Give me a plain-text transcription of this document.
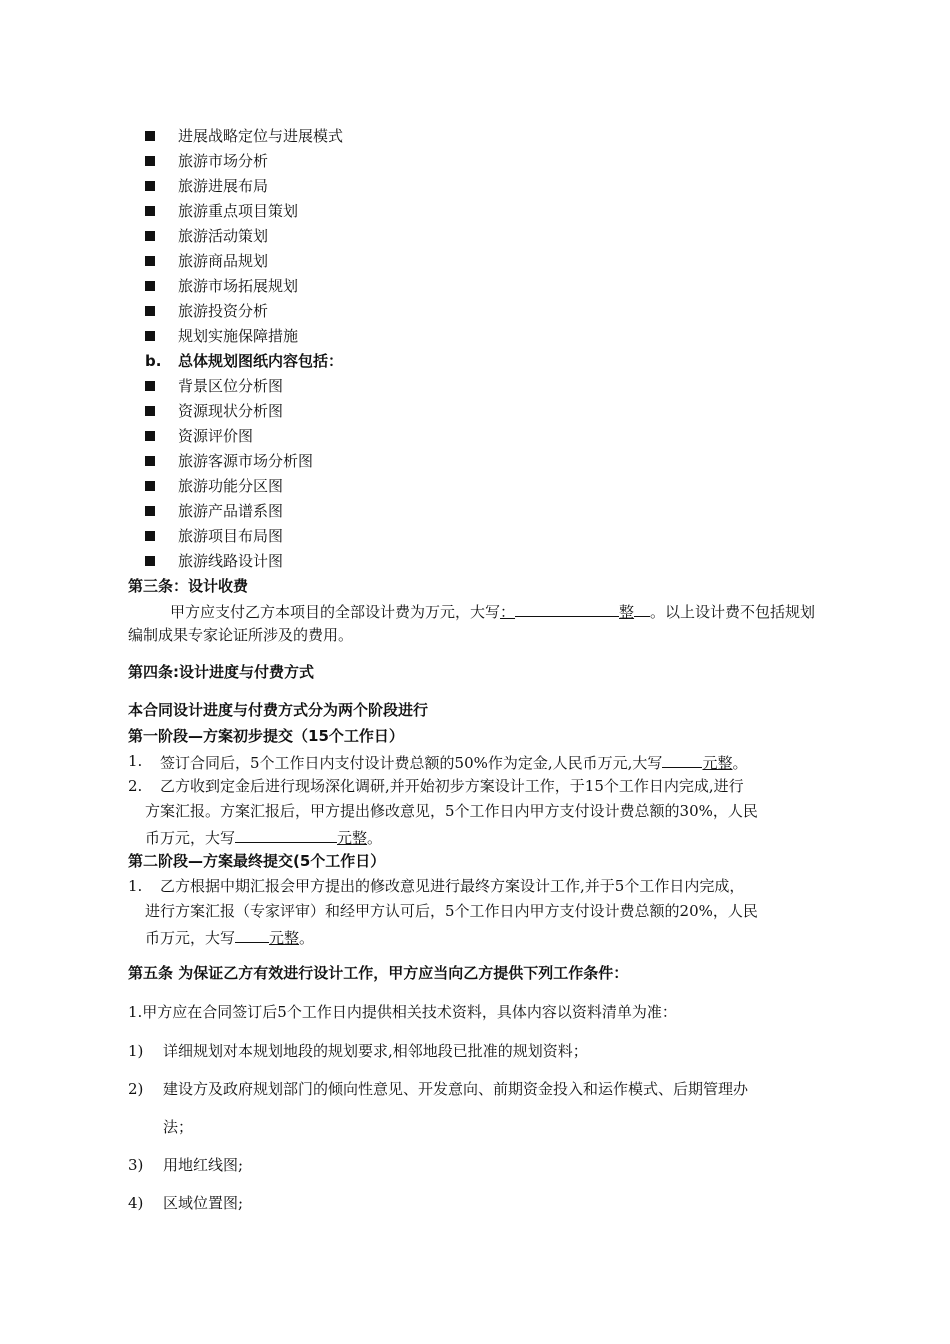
进展战略定位与进展模式
旅游市场分析
旅游进展布局
旅游重点项目策划
旅游活动策划
旅游商品规划
旅游市场拓展规划
旅游投资分析
规划实施保障措施
b. 总体规划图纸内容包括：
背景区位分析图
资源现状分析图
资源评价图
旅游客源市场分析图
旅游功能分区图
旅游产品谱系图
旅游项目布局图
旅游线路设计图
第三条：设计收费
甲方应支付乙方本项目的全部设计费为万元，大写：	整 。以上设计费不包括规划
编制成果专家论证所涉及的费用。
第四条:设计进度与付费方式
本合同设计进度与付费方式分为两个阶段进行
第一阶段—方案初步提交（15个工作日）
1. 签订合同后，5个工作日内支付设计费总额的50%作为定金,人民币万元,大写	元整。
2. 乙方收到定金后进行现场深化调研,并开始初步方案设计工作，于15个工作日内完成,进行
方案汇报。方案汇报后，甲方提出修改意见，5个工作日内甲方支付设计费总额的30%，人民
币万元，大写	元整。
第二阶段—方案最终提交(5个工作日）
1. 乙方根据中期汇报会甲方提出的修改意见进行最终方案设计工作,并于5个工作日内完成，
进行方案汇报（专家评审）和经甲方认可后，5个工作日内甲方支付设计费总额的20%，人民
币万元，大写 元整。
第五条 为保证乙方有效进行设计工作，甲方应当向乙方提供下列工作条件：
1.甲方应在合同签订后5个工作日内提供相关技术资料，具体内容以资料清单为准：
1) 详细规划对本规划地段的规划要求,相邻地段已批准的规划资料；
2) 建设方及政府规划部门的倾向性意见、开发意向、前期资金投入和运作模式、后期管理办
法；
3) 用地红线图;
4) 区域位置图;
